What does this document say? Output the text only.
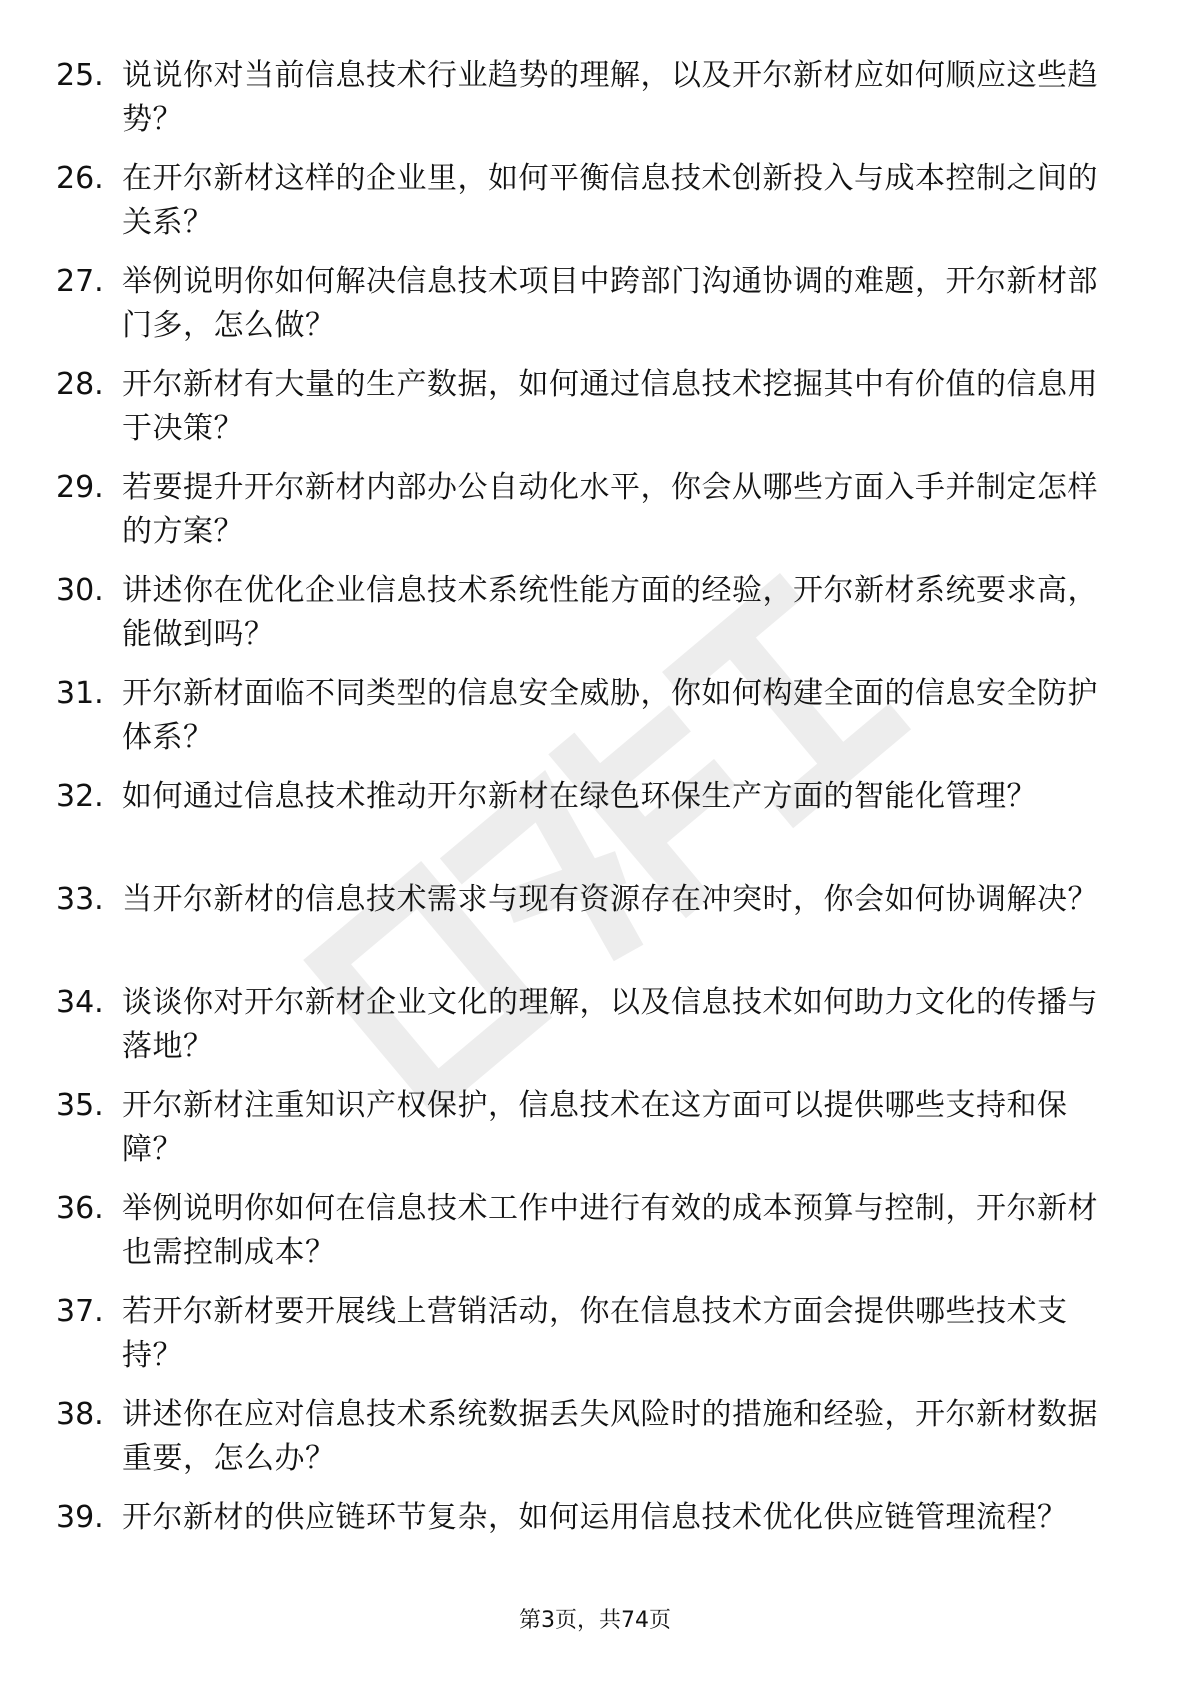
25. 说说你对当前信息技术行业趋势的理解，以及开尔新材应如何顺应这些趋势？
26. 在开尔新材这样的企业里，如何平衡信息技术创新投入与成本控制之间的关系？
27. 举例说明你如何解决信息技术项目中跨部门沟通协调的难题，开尔新材部门多，怎么做？
28. 开尔新材有大量的生产数据，如何通过信息技术挖掘其中有价值的信息用于决策？
29. 若要提升开尔新材内部办公自动化水平，你会从哪些方面入手并制定怎样的方案？
30. 讲述你在优化企业信息技术系统性能方面的经验，开尔新材系统要求高，能做到吗？
31. 开尔新材面临不同类型的信息安全威胁，你如何构建全面的信息安全防护体系？
32. 如何通过信息技术推动开尔新材在绿色环保生产方面的智能化管理？
33. 当开尔新材的信息技术需求与现有资源存在冲突时，你会如何协调解决？
34. 谈谈你对开尔新材企业文化的理解，以及信息技术如何助力文化的传播与落地？
35. 开尔新材注重知识产权保护，信息技术在这方面可以提供哪些支持和保障？
36. 举例说明你如何在信息技术工作中进行有效的成本预算与控制，开尔新材也需控制成本？
37. 若开尔新材要开展线上营销活动，你在信息技术方面会提供哪些技术支持？
38. 讲述你在应对信息技术系统数据丢失风险时的措施和经验，开尔新材数据重要，怎么办？
39. 开尔新材的供应链环节复杂，如何运用信息技术优化供应链管理流程？
第3页，共74页
